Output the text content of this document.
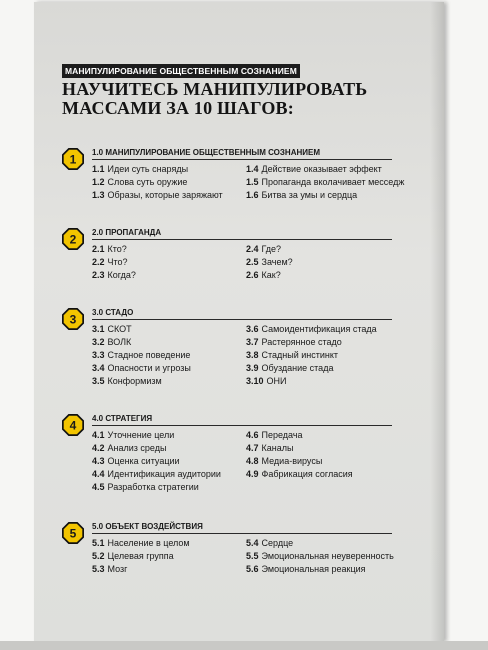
МАНИПУЛИРОВАНИЕ ОБЩЕСТВЕННЫМ СОЗНАНИЕМ
НАУЧИТЕСЬ МАНИПУЛИРОВАТЬ
МАССАМИ ЗА 10 ШАГОВ:
1 1.0 МАНИПУЛИРОВАНИЕ ОБЩЕСТВЕННЫМ СОЗНАНИЕМ
1.1 Идеи суть снаряды
1.2 Слова суть оружие
1.3 Образы, которые заряжают
1.4 Действие оказывает эффект
1.5 Пропаганда вколачивает месседж
1.6 Битва за умы и сердца
2 2.0 ПРОПАГАНДА
2.1 Кто?
2.2 Что?
2.3 Когда?
2.4 Где?
2.5 Зачем?
2.6 Как?
3 3.0 СТАДО
3.1 СКОТ
3.2 ВОЛК
3.3 Стадное поведение
3.4 Опасности и угрозы
3.5 Конформизм
3.6 Самоидентификация стада
3.7 Растерянное стадо
3.8 Стадный инстинкт
3.9 Обуздание стада
3.10 ОНИ
4 4.0 СТРАТЕГИЯ
4.1 Уточнение цели
4.2 Анализ среды
4.3 Оценка ситуации
4.4 Идентификация аудитории
4.5 Разработка стратегии
4.6 Передача
4.7 Каналы
4.8 Медиа-вирусы
4.9 Фабрикация согласия
5 5.0 ОБЪЕКТ ВОЗДЕЙСТВИЯ
5.1 Население в целом
5.2 Целевая группа
5.3 Мозг
5.4 Сердце
5.5 Эмоциональная неуверенность
5.6 Эмоциональная реакция
